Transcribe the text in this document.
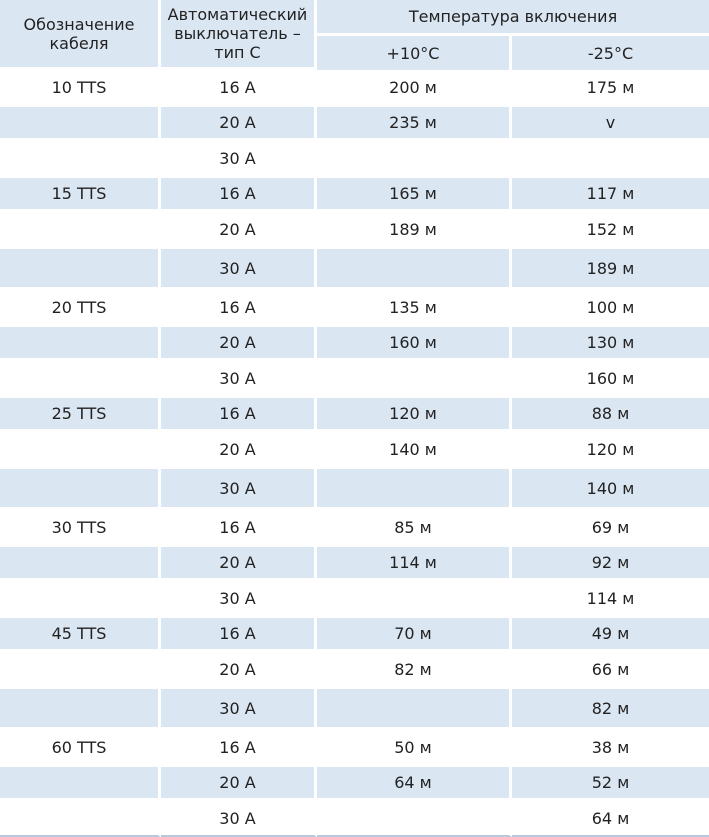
Обозначение кабеля	Автоматический выключатель – тип С	Температура включения	
		+10°C	-25°C
10 TTS	16 A	200 м	175 м
	20 A	235 м	v
	30 A		
15 TTS	16 A	165 м	117 м
	20 A	189 м	152 м
	30 A		189 м
20 TTS	16 A	135 м	100 м
	20 A	160 м	130 м
	30 A		160 м
25 TTS	16 A	120 м	88 м
	20 A	140 м	120 м
	30 A		140 м
30 TTS	16 A	85 м	69 м
	20 A	114 м	92 м
	30 A		114 м
45 TTS	16 A	70 м	49 м
	20 A	82 м	66 м
	30 A		82 м
60 TTS	16 A	50 м	38 м
	20 A	64 м	52 м
	30 A		64 м
